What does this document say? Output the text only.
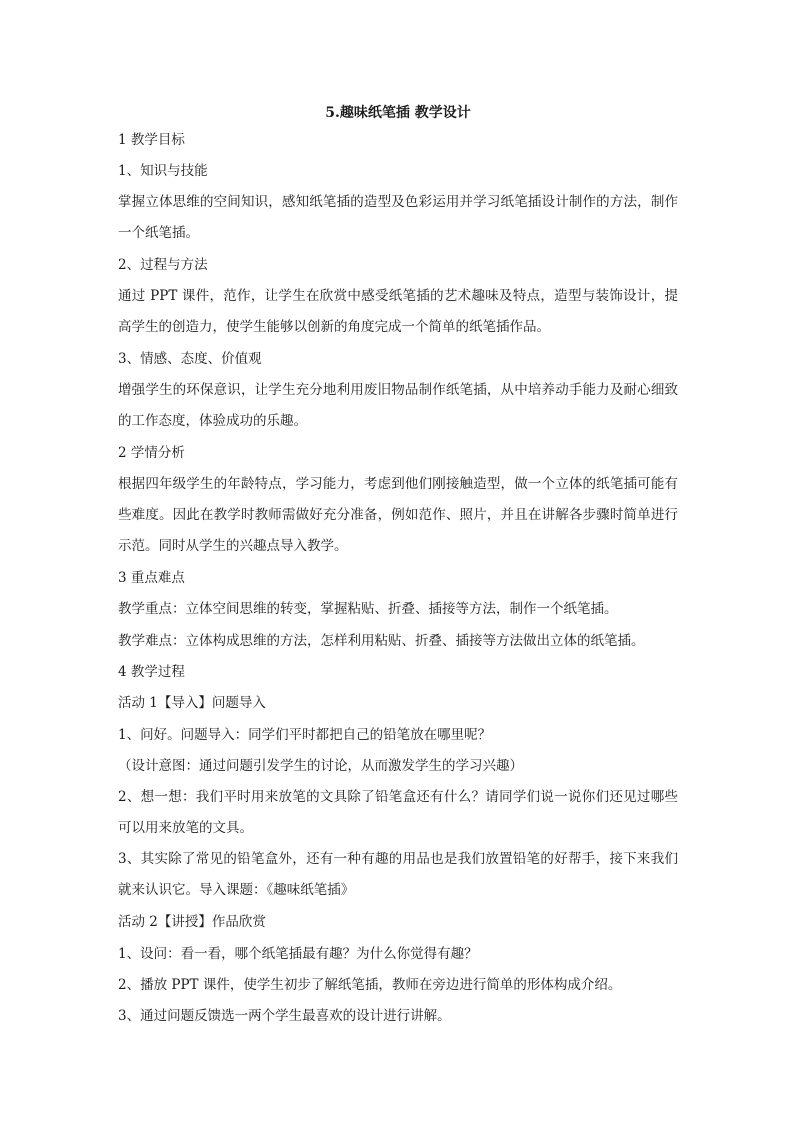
5.趣味纸笔插 教学设计
1 教学目标
1、知识与技能
掌握立体思维的空间知识，感知纸笔插的造型及色彩运用并学习纸笔插设计制作的方法，制作一个纸笔插。
2、过程与方法
通过 PPT 课件，范作，让学生在欣赏中感受纸笔插的艺术趣味及特点，造型与装饰设计，提高学生的创造力，使学生能够以创新的角度完成一个简单的纸笔插作品。
3、情感、态度、价值观
增强学生的环保意识，让学生充分地利用废旧物品制作纸笔插，从中培养动手能力及耐心细致的工作态度，体验成功的乐趣。
2 学情分析
根据四年级学生的年龄特点，学习能力，考虑到他们刚接触造型，做一个立体的纸笔插可能有些难度。因此在教学时教师需做好充分准备，例如范作、照片，并且在讲解各步骤时简单进行示范。同时从学生的兴趣点导入教学。
3 重点难点
教学重点：立体空间思维的转变，掌握粘贴、折叠、插接等方法，制作一个纸笔插。
教学难点：立体构成思维的方法，怎样利用粘贴、折叠、插接等方法做出立体的纸笔插。
4 教学过程
活动 1【导入】问题导入
1、问好。问题导入：同学们平时都把自己的铅笔放在哪里呢？
（设计意图：通过问题引发学生的讨论，从而激发学生的学习兴趣）
2、想一想：我们平时用来放笔的文具除了铅笔盒还有什么？请同学们说一说你们还见过哪些可以用来放笔的文具。
3、其实除了常见的铅笔盒外，还有一种有趣的用品也是我们放置铅笔的好帮手，接下来我们就来认识它。导入课题：《趣味纸笔插》
活动 2【讲授】作品欣赏
1、设问：看一看，哪个纸笔插最有趣？为什么你觉得有趣？
2、播放 PPT 课件，使学生初步了解纸笔插，教师在旁边进行简单的形体构成介绍。
3、通过问题反馈选一两个学生最喜欢的设计进行讲解。
